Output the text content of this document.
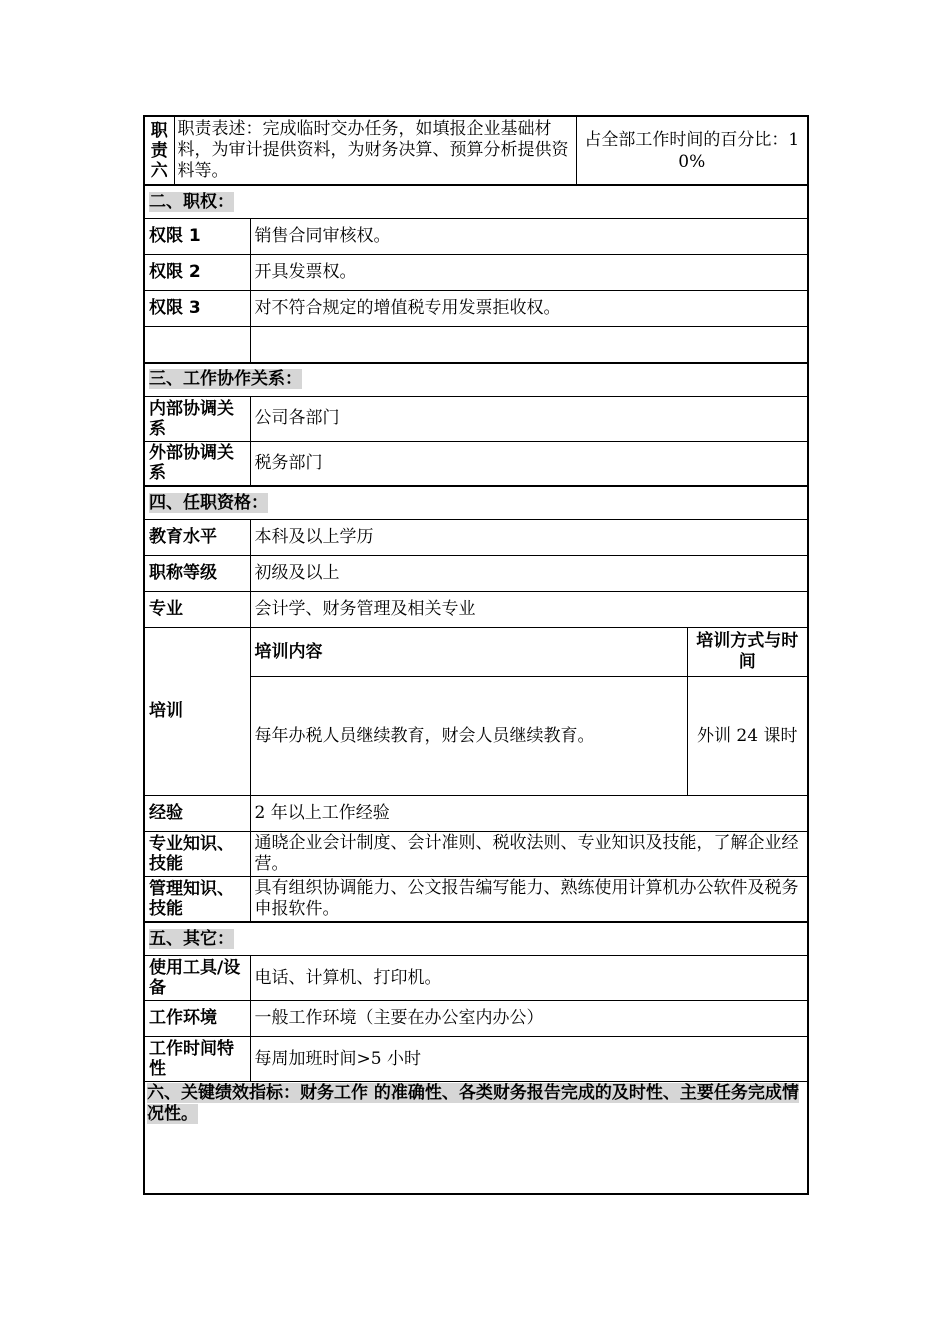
职责六	职责表述：完成临时交办任务，如填报企业基础材料，为审计提供资料，为财务决算、预算分析提供资料等。		占全部工作时间的百分比：10%	
二、职权：				
权限 1		销售合同审核权。		
权限 2		开具发票权。		
权限 3		对不符合规定的增值税专用发票拒收权。		

三、工作协作关系：				
内部协调关系		公司各部门		
外部协调关系		税务部门		
四、任职资格：				
教育水平		本科及以上学历		
职称等级		初级及以上		
专业		会计学、财务管理及相关专业		
培训		培训内容		培训方式与时间
		每年办税人员继续教育，财会人员继续教育。		外训 24 课时
经验		2 年以上工作经验		
专业知识、技能		通晓企业会计制度、会计准则、税收法则、专业知识及技能，了解企业经营。		
管理知识、技能		具有组织协调能力、公文报告编写能力、熟练使用计算机办公软件及税务申报软件。		
五、其它：				
使用工具/设备		电话、计算机、打印机。		
工作环境		一般工作环境（主要在办公室内办公）		
工作时间特性		每周加班时间>5 小时		
六、关键绩效指标：财务工作 的准确性、各类财务报告完成的及时性、主要任务完成情况性。				
